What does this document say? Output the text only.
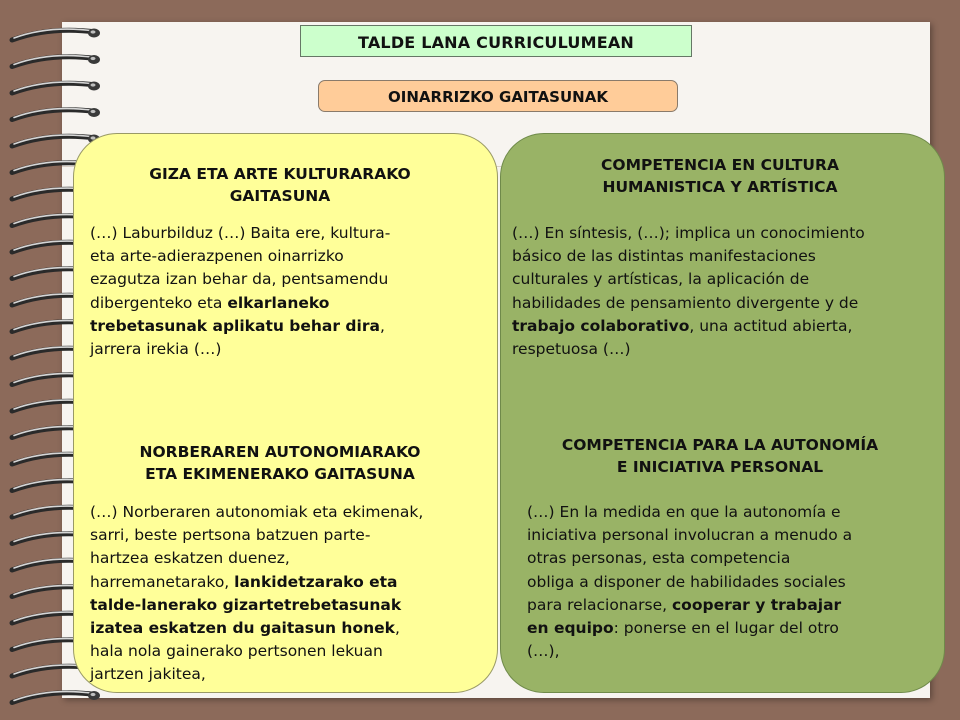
TALDE LANA CURRICULUMEAN
OINARRIZKO GAITASUNAK
GIZA ETA ARTE KULTURARAKO
GAITASUNA
(…) Laburbilduz (…) Baita ere, kultura-
eta arte-adierazpenen oinarrizko
ezagutza izan behar da, pentsamendu
dibergenteko eta elkarlaneko
trebetasunak aplikatu behar dira,
jarrera irekia (…)
COMPETENCIA EN CULTURA
HUMANISTICA Y ARTÍSTICA
(…) En síntesis, (…); implica un conocimiento
básico de las distintas manifestaciones
culturales y artísticas, la aplicación de
habilidades de pensamiento divergente y de
trabajo colaborativo, una actitud abierta,
respetuosa (…)
NORBERAREN AUTONOMIARAKO
ETA EKIMENERAKO GAITASUNA
(…) Norberaren autonomiak eta ekimenak,
sarri, beste pertsona batzuen parte-
hartzea eskatzen duenez,
harremanetarako, lankidetzarako eta
talde-lanerako gizartetrebetasunak
izatea eskatzen du gaitasun honek,
hala nola gainerako pertsonen lekuan
jartzen jakitea,
COMPETENCIA PARA LA AUTONOMÍA
E INICIATIVA PERSONAL
(…) En la medida en que la autonomía e
iniciativa personal involucran a menudo a
otras personas, esta competencia
obliga a disponer de habilidades sociales
para relacionarse, cooperar y trabajar
en equipo: ponerse en el lugar del otro
(…),
